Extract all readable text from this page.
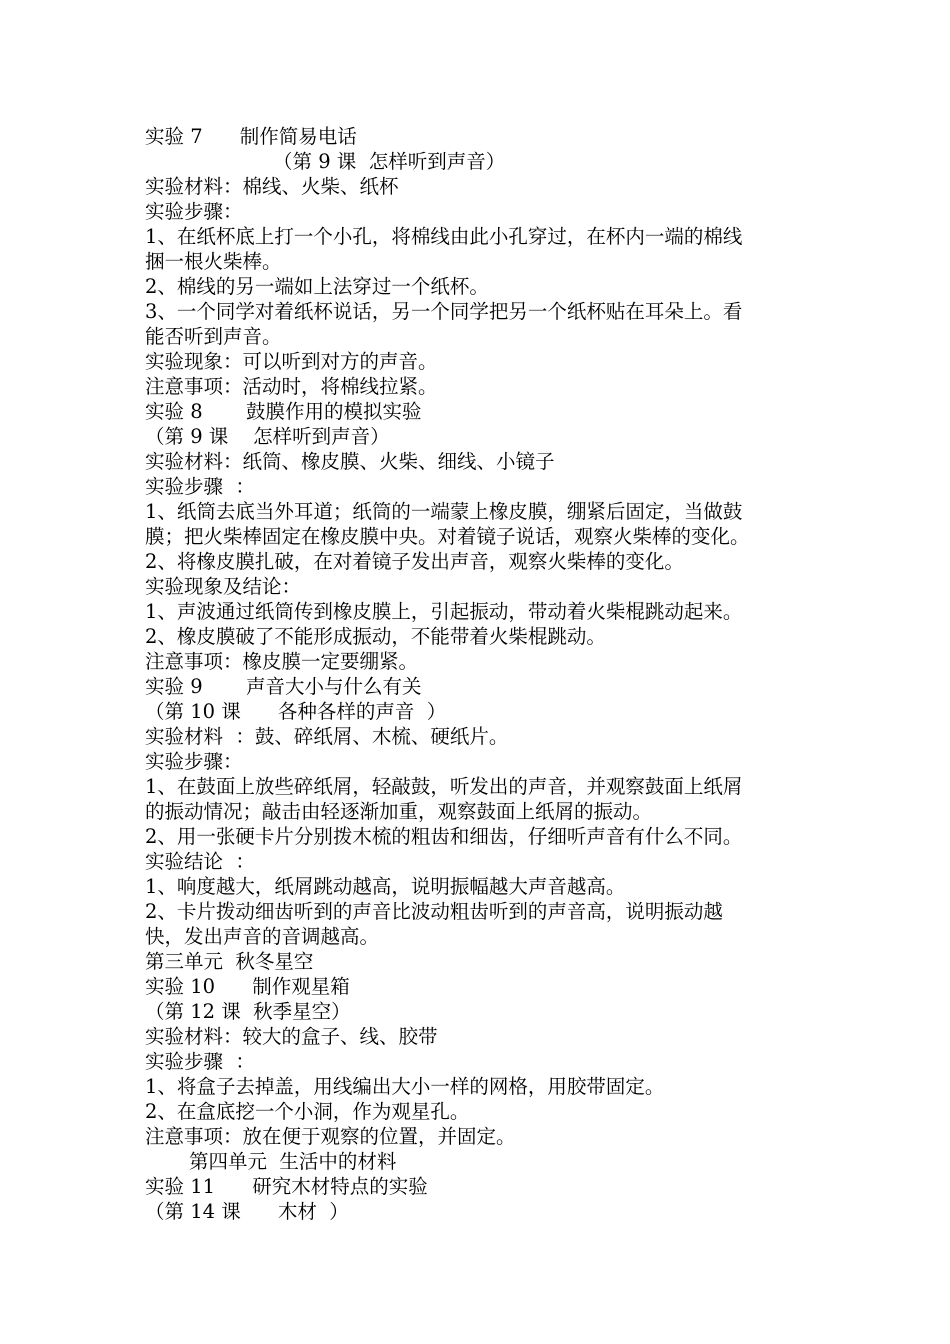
实验 7      制作简易电话
（第 9 课  怎样听到声音）
实验材料：棉线、火柴、纸杯
实验步骤：
1、在纸杯底上打一个小孔，将棉线由此小孔穿过，在杯内一端的棉线
捆一根火柴棒。
2、棉线的另一端如上法穿过一个纸杯。
3、一个同学对着纸杯说话，另一个同学把另一个纸杯贴在耳朵上。看
能否听到声音。
实验现象：可以听到对方的声音。
注意事项：活动时，将棉线拉紧。
实验 8       鼓膜作用的模拟实验
（第 9 课    怎样听到声音）
实验材料：纸筒、橡皮膜、火柴、细线、小镜子
实验步骤  ：
1、纸筒去底当外耳道；纸筒的一端蒙上橡皮膜，绷紧后固定，当做鼓
膜；把火柴棒固定在橡皮膜中央。对着镜子说话，观察火柴棒的变化。
2、将橡皮膜扎破，在对着镜子发出声音，观察火柴棒的变化。
实验现象及结论：
1、声波通过纸筒传到橡皮膜上，引起振动，带动着火柴棍跳动起来。
2、橡皮膜破了不能形成振动，不能带着火柴棍跳动。
注意事项：橡皮膜一定要绷紧。
实验 9       声音大小与什么有关
（第 10 课      各种各样的声音  ）
实验材料  ：鼓、碎纸屑、木梳、硬纸片。
实验步骤：
1、在鼓面上放些碎纸屑，轻敲鼓，听发出的声音，并观察鼓面上纸屑
的振动情况；敲击由轻逐渐加重，观察鼓面上纸屑的振动。
2、用一张硬卡片分别拨木梳的粗齿和细齿，仔细听声音有什么不同。
实验结论  ：
1、响度越大，纸屑跳动越高，说明振幅越大声音越高。
2、卡片拨动细齿听到的声音比波动粗齿听到的声音高，说明振动越
快，发出声音的音调越高。
第三单元  秋冬星空
实验 10      制作观星箱
（第 12 课  秋季星空）
实验材料：较大的盒子、线、胶带
实验步骤  ：
1、将盒子去掉盖，用线编出大小一样的网格，用胶带固定。
2、在盒底挖一个小洞，作为观星孔。
注意事项：放在便于观察的位置，并固定。
第四单元  生活中的材料
实验 11      研究木材特点的实验
（第 14 课      木材  ）
